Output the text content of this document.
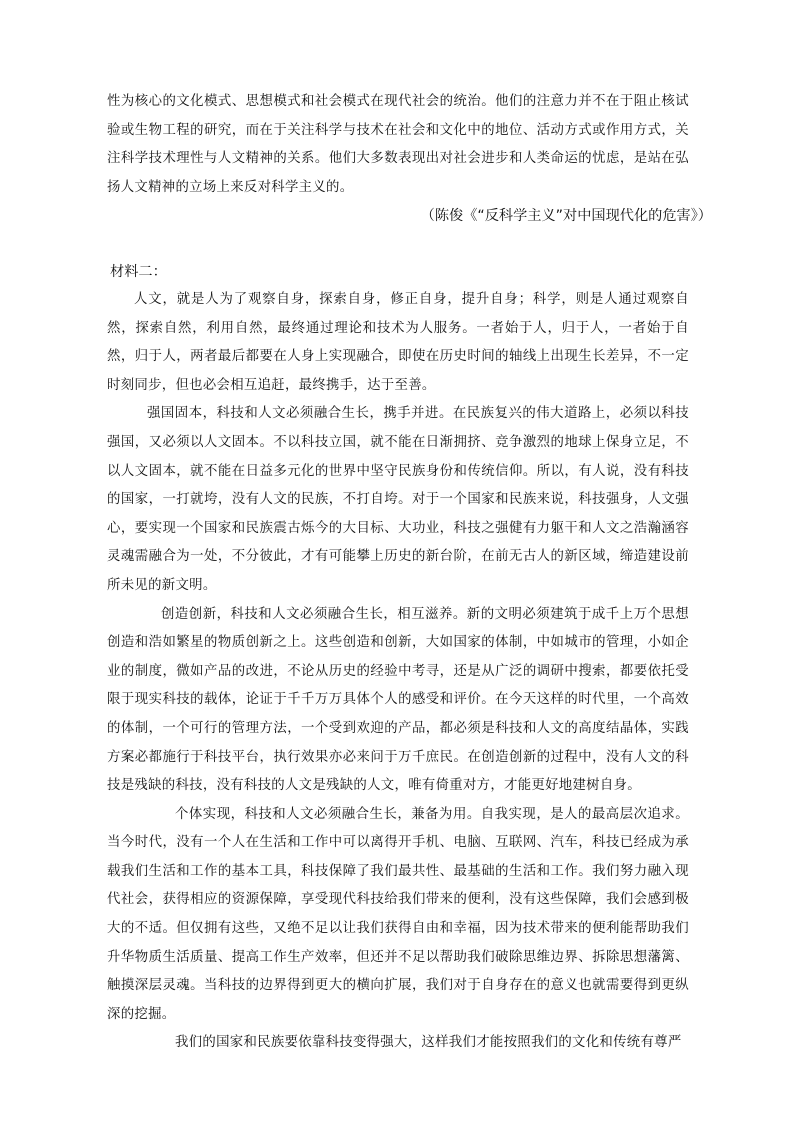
性为核心的文化模式、思想模式和社会模式在现代社会的统治。他们的注意力并不在于阻止核试验或生物工程的研究，而在于关注科学与技术在社会和文化中的地位、活动方式或作用方式，关注科学技术理性与人文精神的关系。他们大多数表现出对社会进步和人类命运的忧虑，是站在弘扬人文精神的立场上来反对科学主义的。

（陈俊《“反科学主义”对中国现代化的危害》）
材料二：

人文，就是人为了观察自身，探索自身，修正自身，提升自身；科学，则是人通过观察自然，探索自然，利用自然，最终通过理论和技术为人服务。一者始于人，归于人，一者始于自然，归于人，两者最后都要在人身上实现融合，即使在历史时间的轴线上出现生长差异，不一定时刻同步，但也必会相互追赶，最终携手，达于至善。

强国固本，科技和人文必须融合生长，携手并进。在民族复兴的伟大道路上，必须以科技强国，又必须以人文固本。不以科技立国，就不能在日渐拥挤、竞争激烈的地球上保身立足，不以人文固本，就不能在日益多元化的世界中坚守民族身份和传统信仰。所以，有人说，没有科技的国家，一打就垮，没有人文的民族，不打自垮。对于一个国家和民族来说，科技强身，人文强心，要实现一个国家和民族震古烁今的大目标、大功业，科技之强健有力躯干和人文之浩瀚涵容灵魂需融合为一处，不分彼此，才有可能攀上历史的新台阶，在前无古人的新区域，缔造建设前所未见的新文明。

创造创新，科技和人文必须融合生长，相互滋养。新的文明必须建筑于成千上万个思想创造和浩如繁星的物质创新之上。这些创造和创新，大如国家的体制，中如城市的管理，小如企业的制度，微如产品的改进，不论从历史的经验中考寻，还是从广泛的调研中搜索，都要依托受限于现实科技的载体，论证于千千万万具体个人的感受和评价。在今天这样的时代里，一个高效的体制，一个可行的管理方法，一个受到欢迎的产品，都必须是科技和人文的高度结晶体，实践方案必都施行于科技平台，执行效果亦必来问于万千庶民。在创造创新的过程中，没有人文的科技是残缺的科技，没有科技的人文是残缺的人文，唯有倚重对方，才能更好地建树自身。

个体实现，科技和人文必须融合生长，兼备为用。自我实现，是人的最高层次追求。当今时代，没有一个人在生活和工作中可以离得开手机、电脑、互联网、汽车，科技已经成为承载我们生活和工作的基本工具，科技保障了我们最共性、最基础的生活和工作。我们努力融入现代社会，获得相应的资源保障，享受现代科技给我们带来的便利，没有这些保障，我们会感到极大的不适。但仅拥有这些，又绝不足以让我们获得自由和幸福，因为技术带来的便利能帮助我们升华物质生活质量、提高工作生产效率，但还并不足以帮助我们破除思维边界、拆除思想藩篱、触摸深层灵魂。当科技的边界得到更大的横向扩展，我们对于自身存在的意义也就需要得到更纵深的挖掘。

我们的国家和民族要依靠科技变得强大，这样我们才能按照我们的文化和传统有尊严
